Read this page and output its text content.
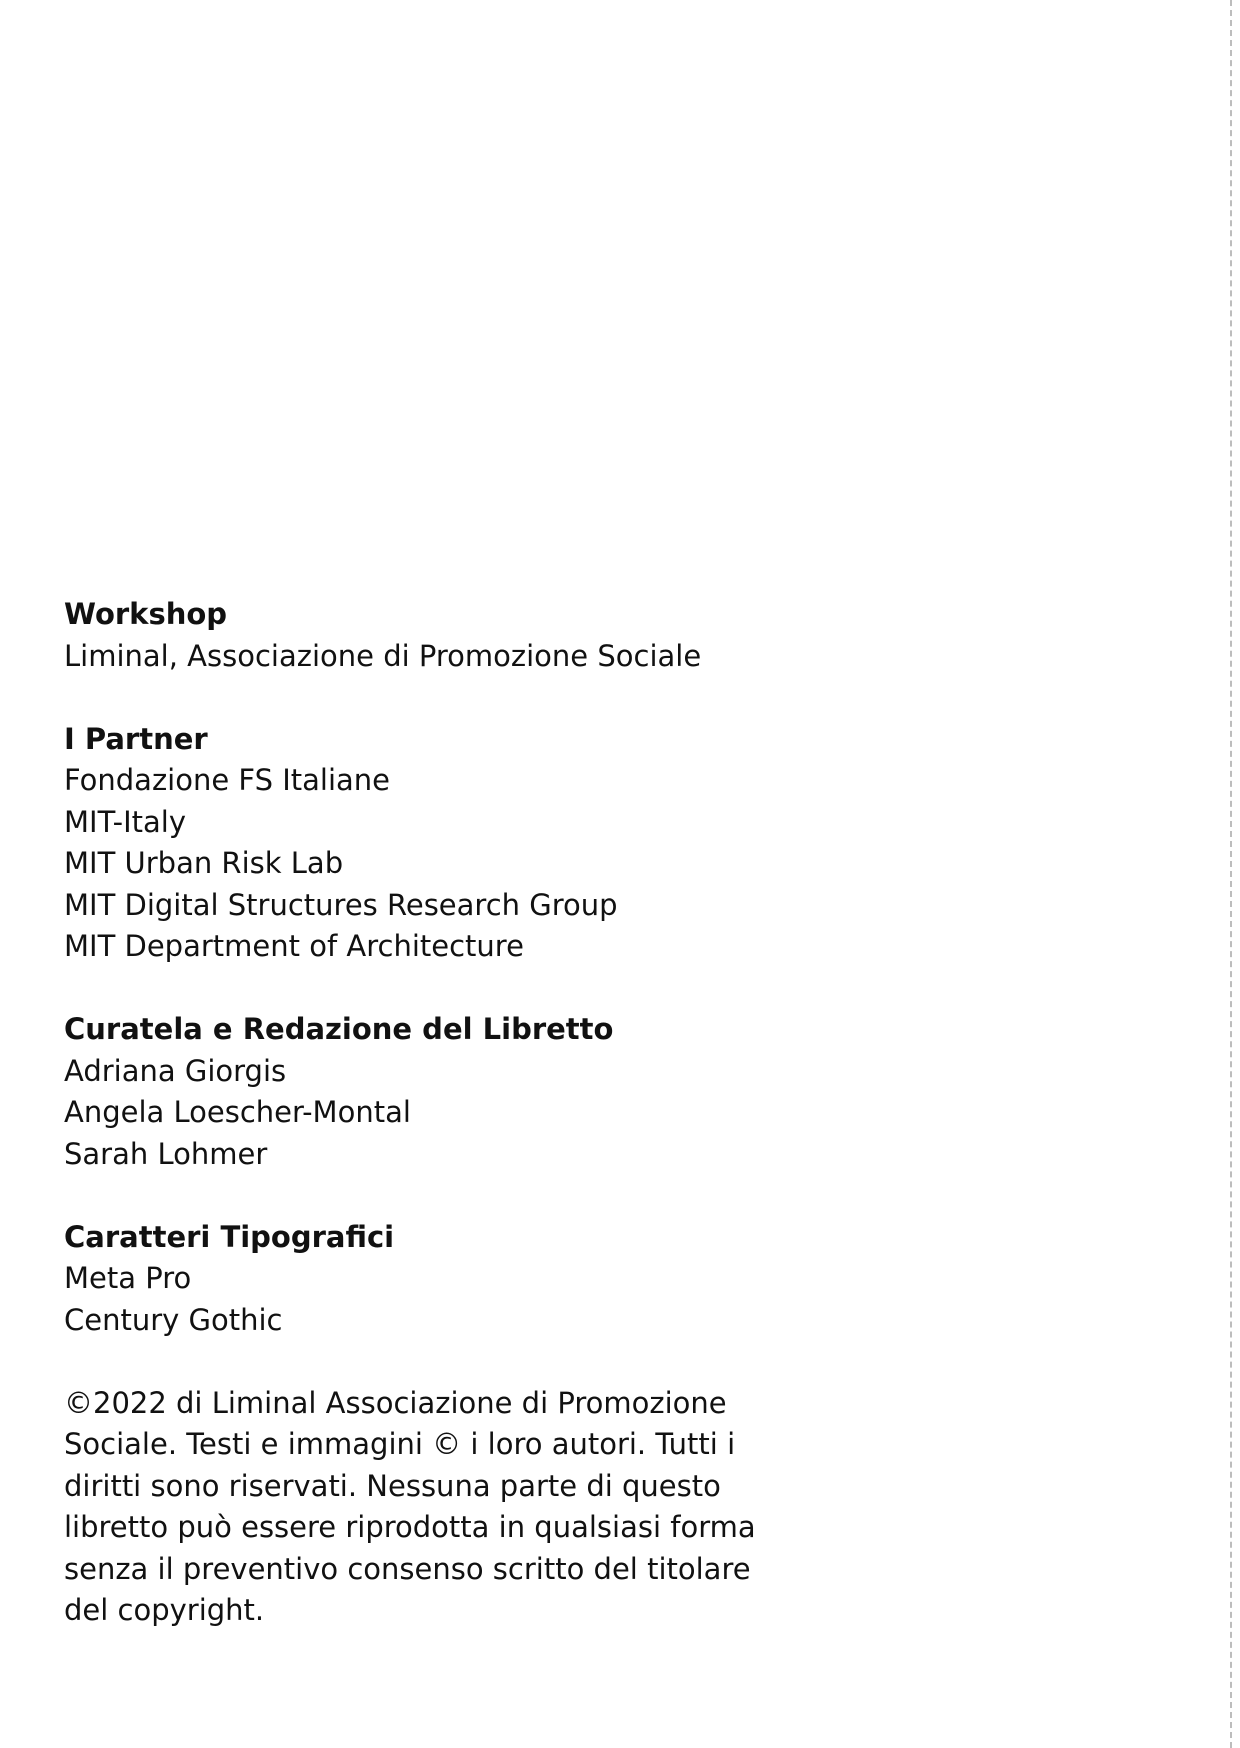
Workshop
Liminal, Associazione di Promozione Sociale
I Partner
Fondazione FS Italiane
MIT-Italy
MIT Urban Risk Lab
MIT Digital Structures Research Group
MIT Department of Architecture
Curatela e Redazione del Libretto
Adriana Giorgis
Angela Loescher-Montal
Sarah Lohmer
Caratteri Tipografici
Meta Pro
Century Gothic

©2022 di Liminal Associazione di Promozione Sociale. Testi e immagini © i loro autori. Tutti i diritti sono riservati. Nessuna parte di questo libretto può essere riprodotta in qualsiasi forma senza il preventivo consenso scritto del titolare del copyright.
